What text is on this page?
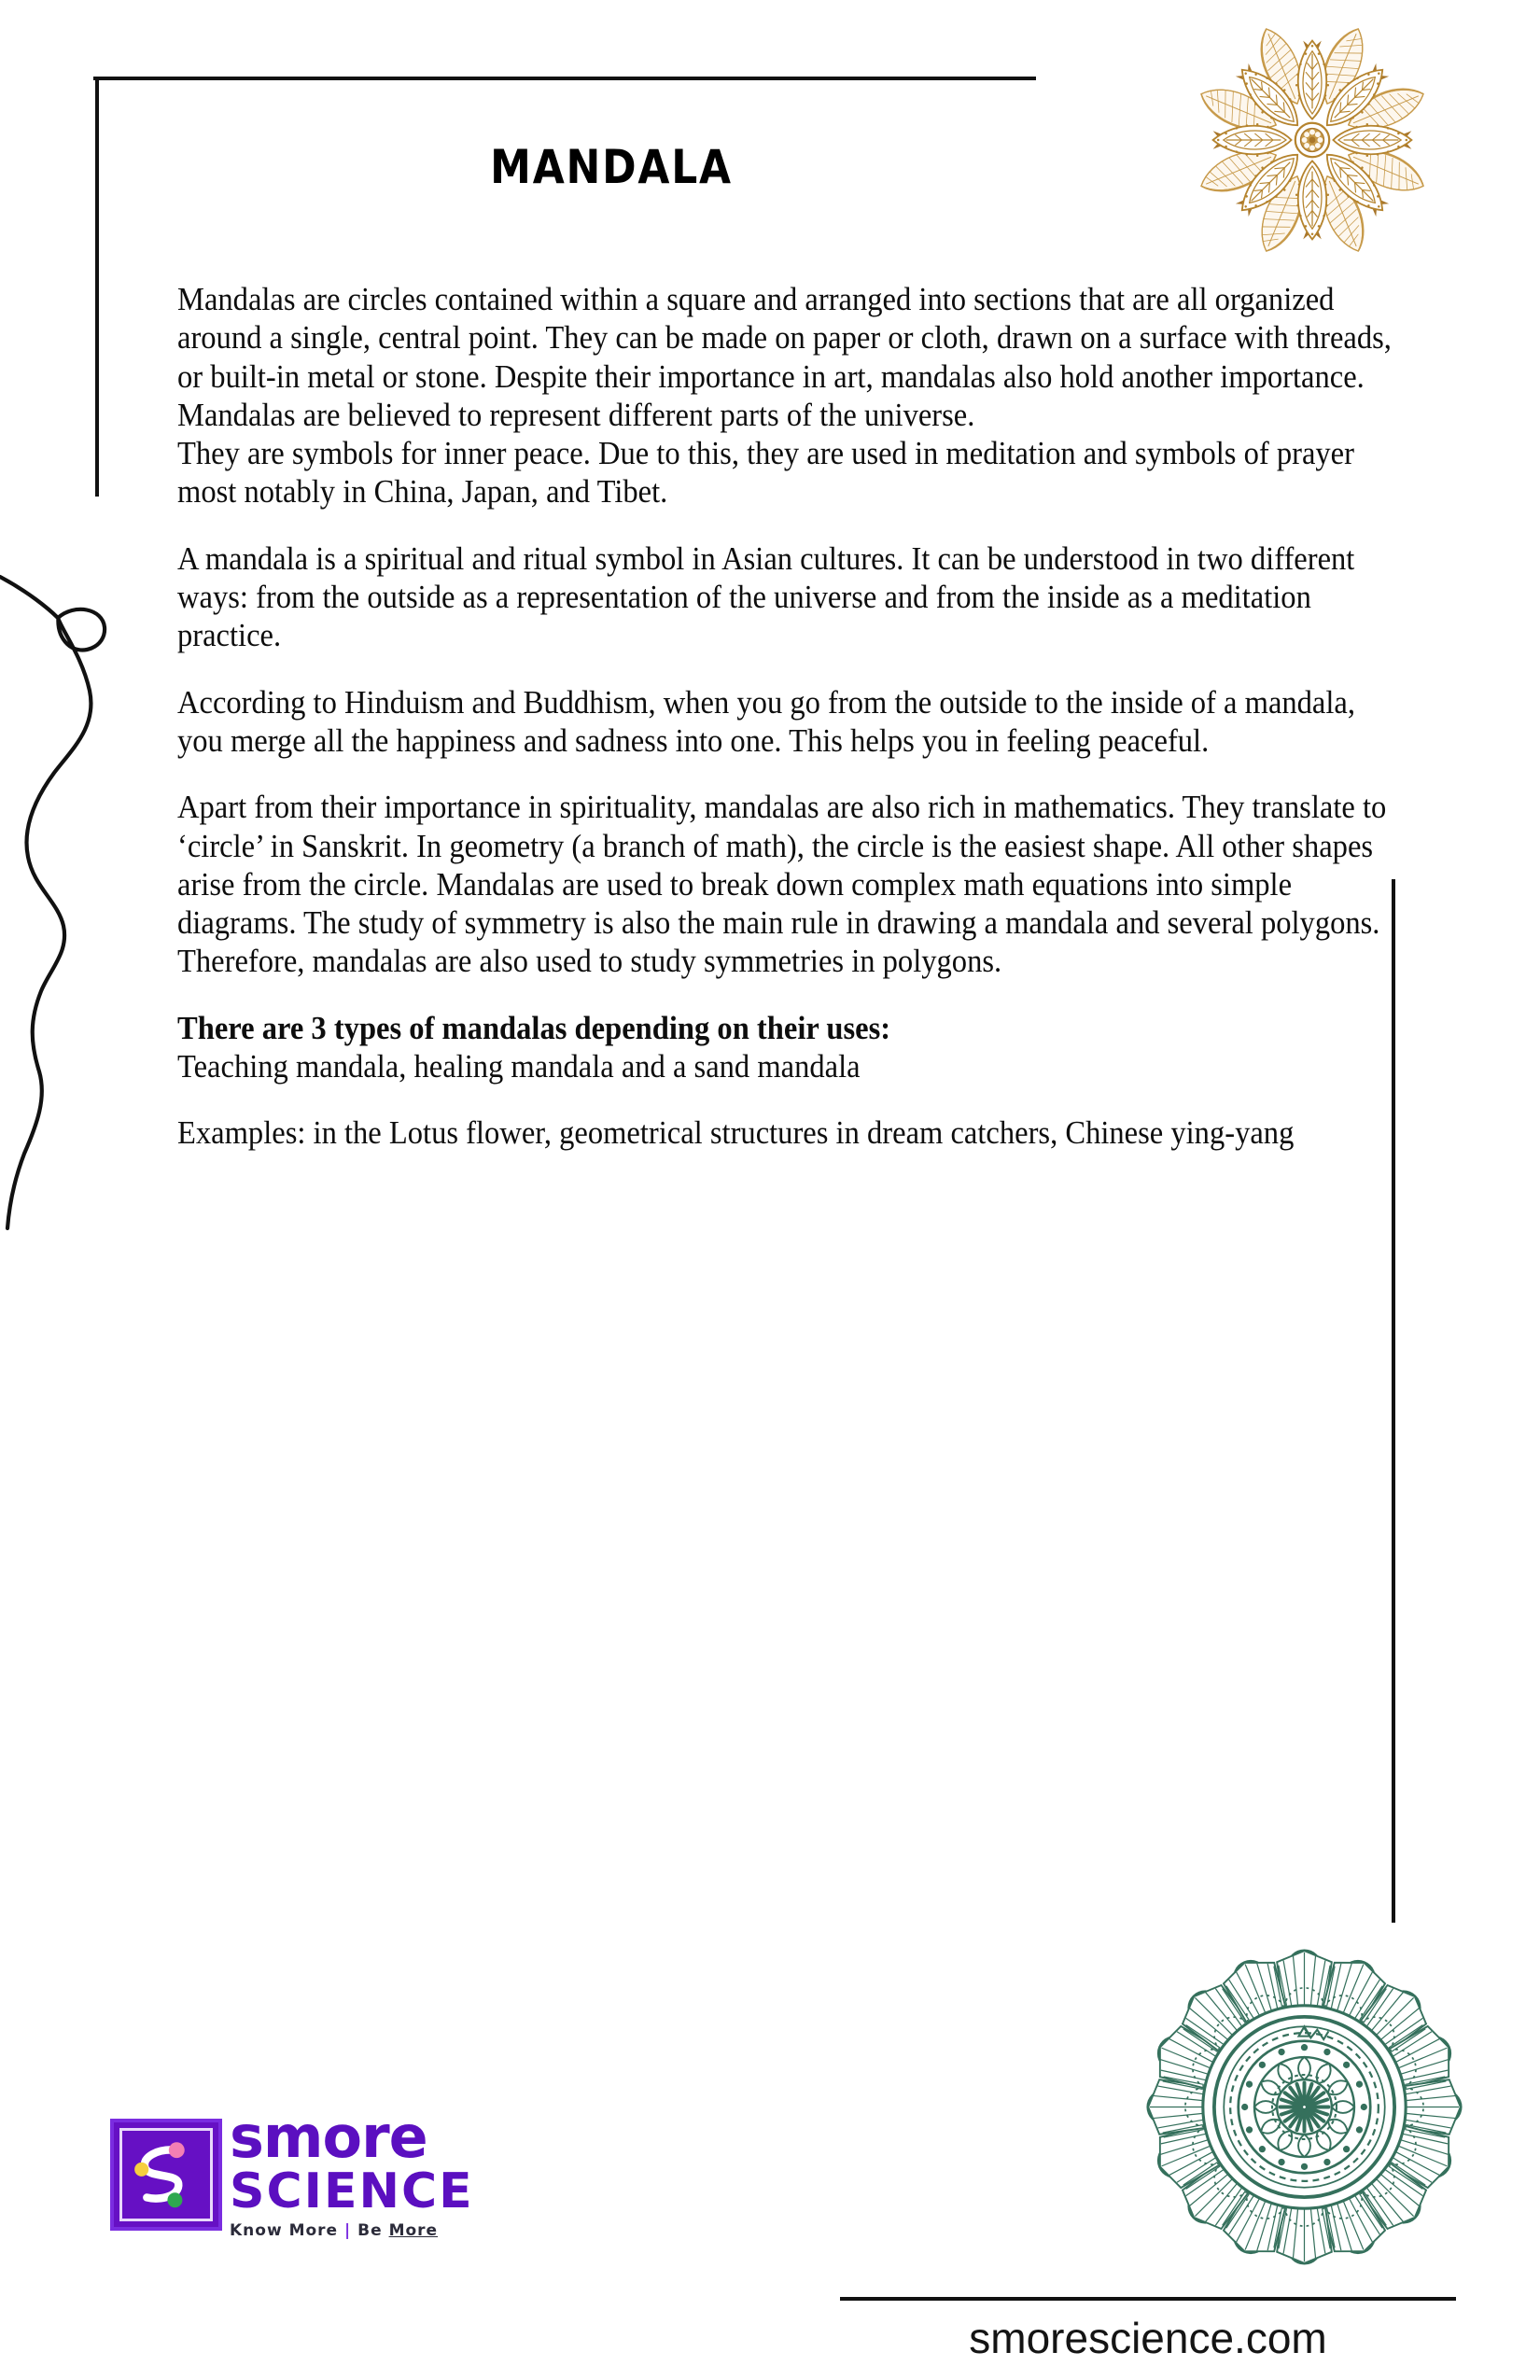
MANDALA

Mandalas are circles contained within a square and arranged into sections that are all organized around a single, central point. They can be made on paper or cloth, drawn on a surface with threads, or built-in metal or stone. Despite their importance in art, mandalas also hold another importance. Mandalas are believed to represent different parts of the universe.

They are symbols for inner peace. Due to this, they are used in meditation and symbols of prayer most notably in China, Japan, and Tibet.

A mandala is a spiritual and ritual symbol in Asian cultures. It can be understood in two different ways: from the outside as a representation of the universe and from the inside as a meditation practice.

According to Hinduism and Buddhism, when you go from the outside to the inside of a mandala, you merge all the happiness and sadness into one. This helps you in feeling peaceful.

Apart from their importance in spirituality, mandalas are also rich in mathematics. They translate to ‘circle’ in Sanskrit. In geometry (a branch of math), the circle is the easiest shape. All other shapes arise from the circle. Mandalas are used to break down complex math equations into simple diagrams. The study of symmetry is also the main rule in drawing a mandala and several polygons. Therefore, mandalas are also used to study symmetries in polygons.

There are 3 types of mandalas depending on their uses:

Teaching mandala, healing mandala and a sand mandala

Examples: in the Lotus flower, geometrical structures in dream catchers, Chinese ying-yang

smore
SCIENCE
Know More | Be More
smorescience.com
